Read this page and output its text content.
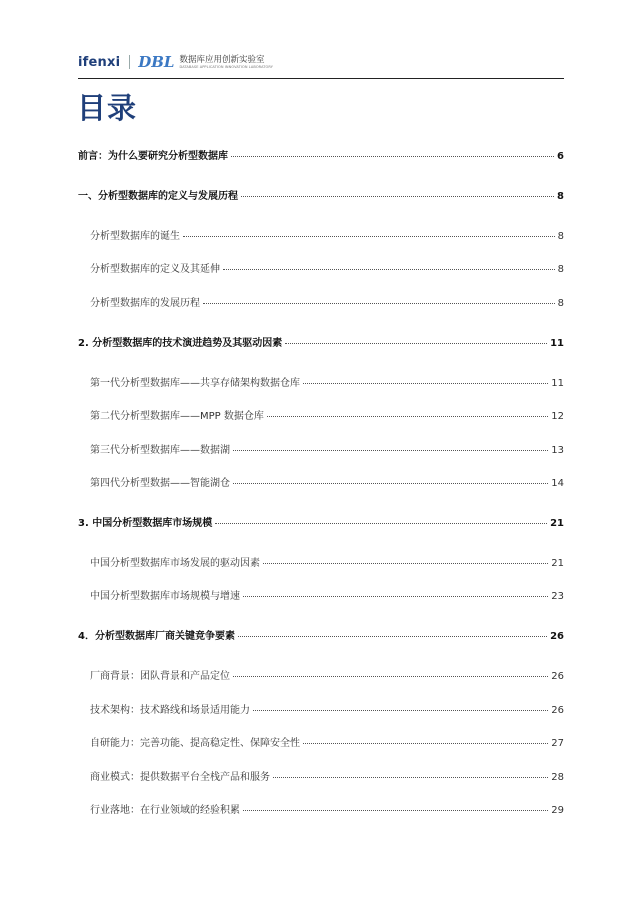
ifenxi DBL 数据库应用创新实验室
DATABASE APPLICATION INNOVATION LABORATORY
目录
前言：为什么要研究分析型数据库	6
一、分析型数据库的定义与发展历程	8
分析型数据库的诞生	8
分析型数据库的定义及其延伸	8
分析型数据库的发展历程	8
2. 分析型数据库的技术演进趋势及其驱动因素	11
第一代分析型数据库——共享存储架构数据仓库	11
第二代分析型数据库——MPP 数据仓库	12
第三代分析型数据库——数据湖	13
第四代分析型数据——智能湖仓	14
3. 中国分析型数据库市场规模	21
中国分析型数据库市场发展的驱动因素	21
中国分析型数据库市场规模与增速	23
4．分析型数据库厂商关键竞争要素	26
厂商背景：团队背景和产品定位	26
技术架构：技术路线和场景适用能力	26
自研能力：完善功能、提高稳定性、保障安全性	27
商业模式：提供数据平台全栈产品和服务	28
行业落地：在行业领域的经验积累	29
